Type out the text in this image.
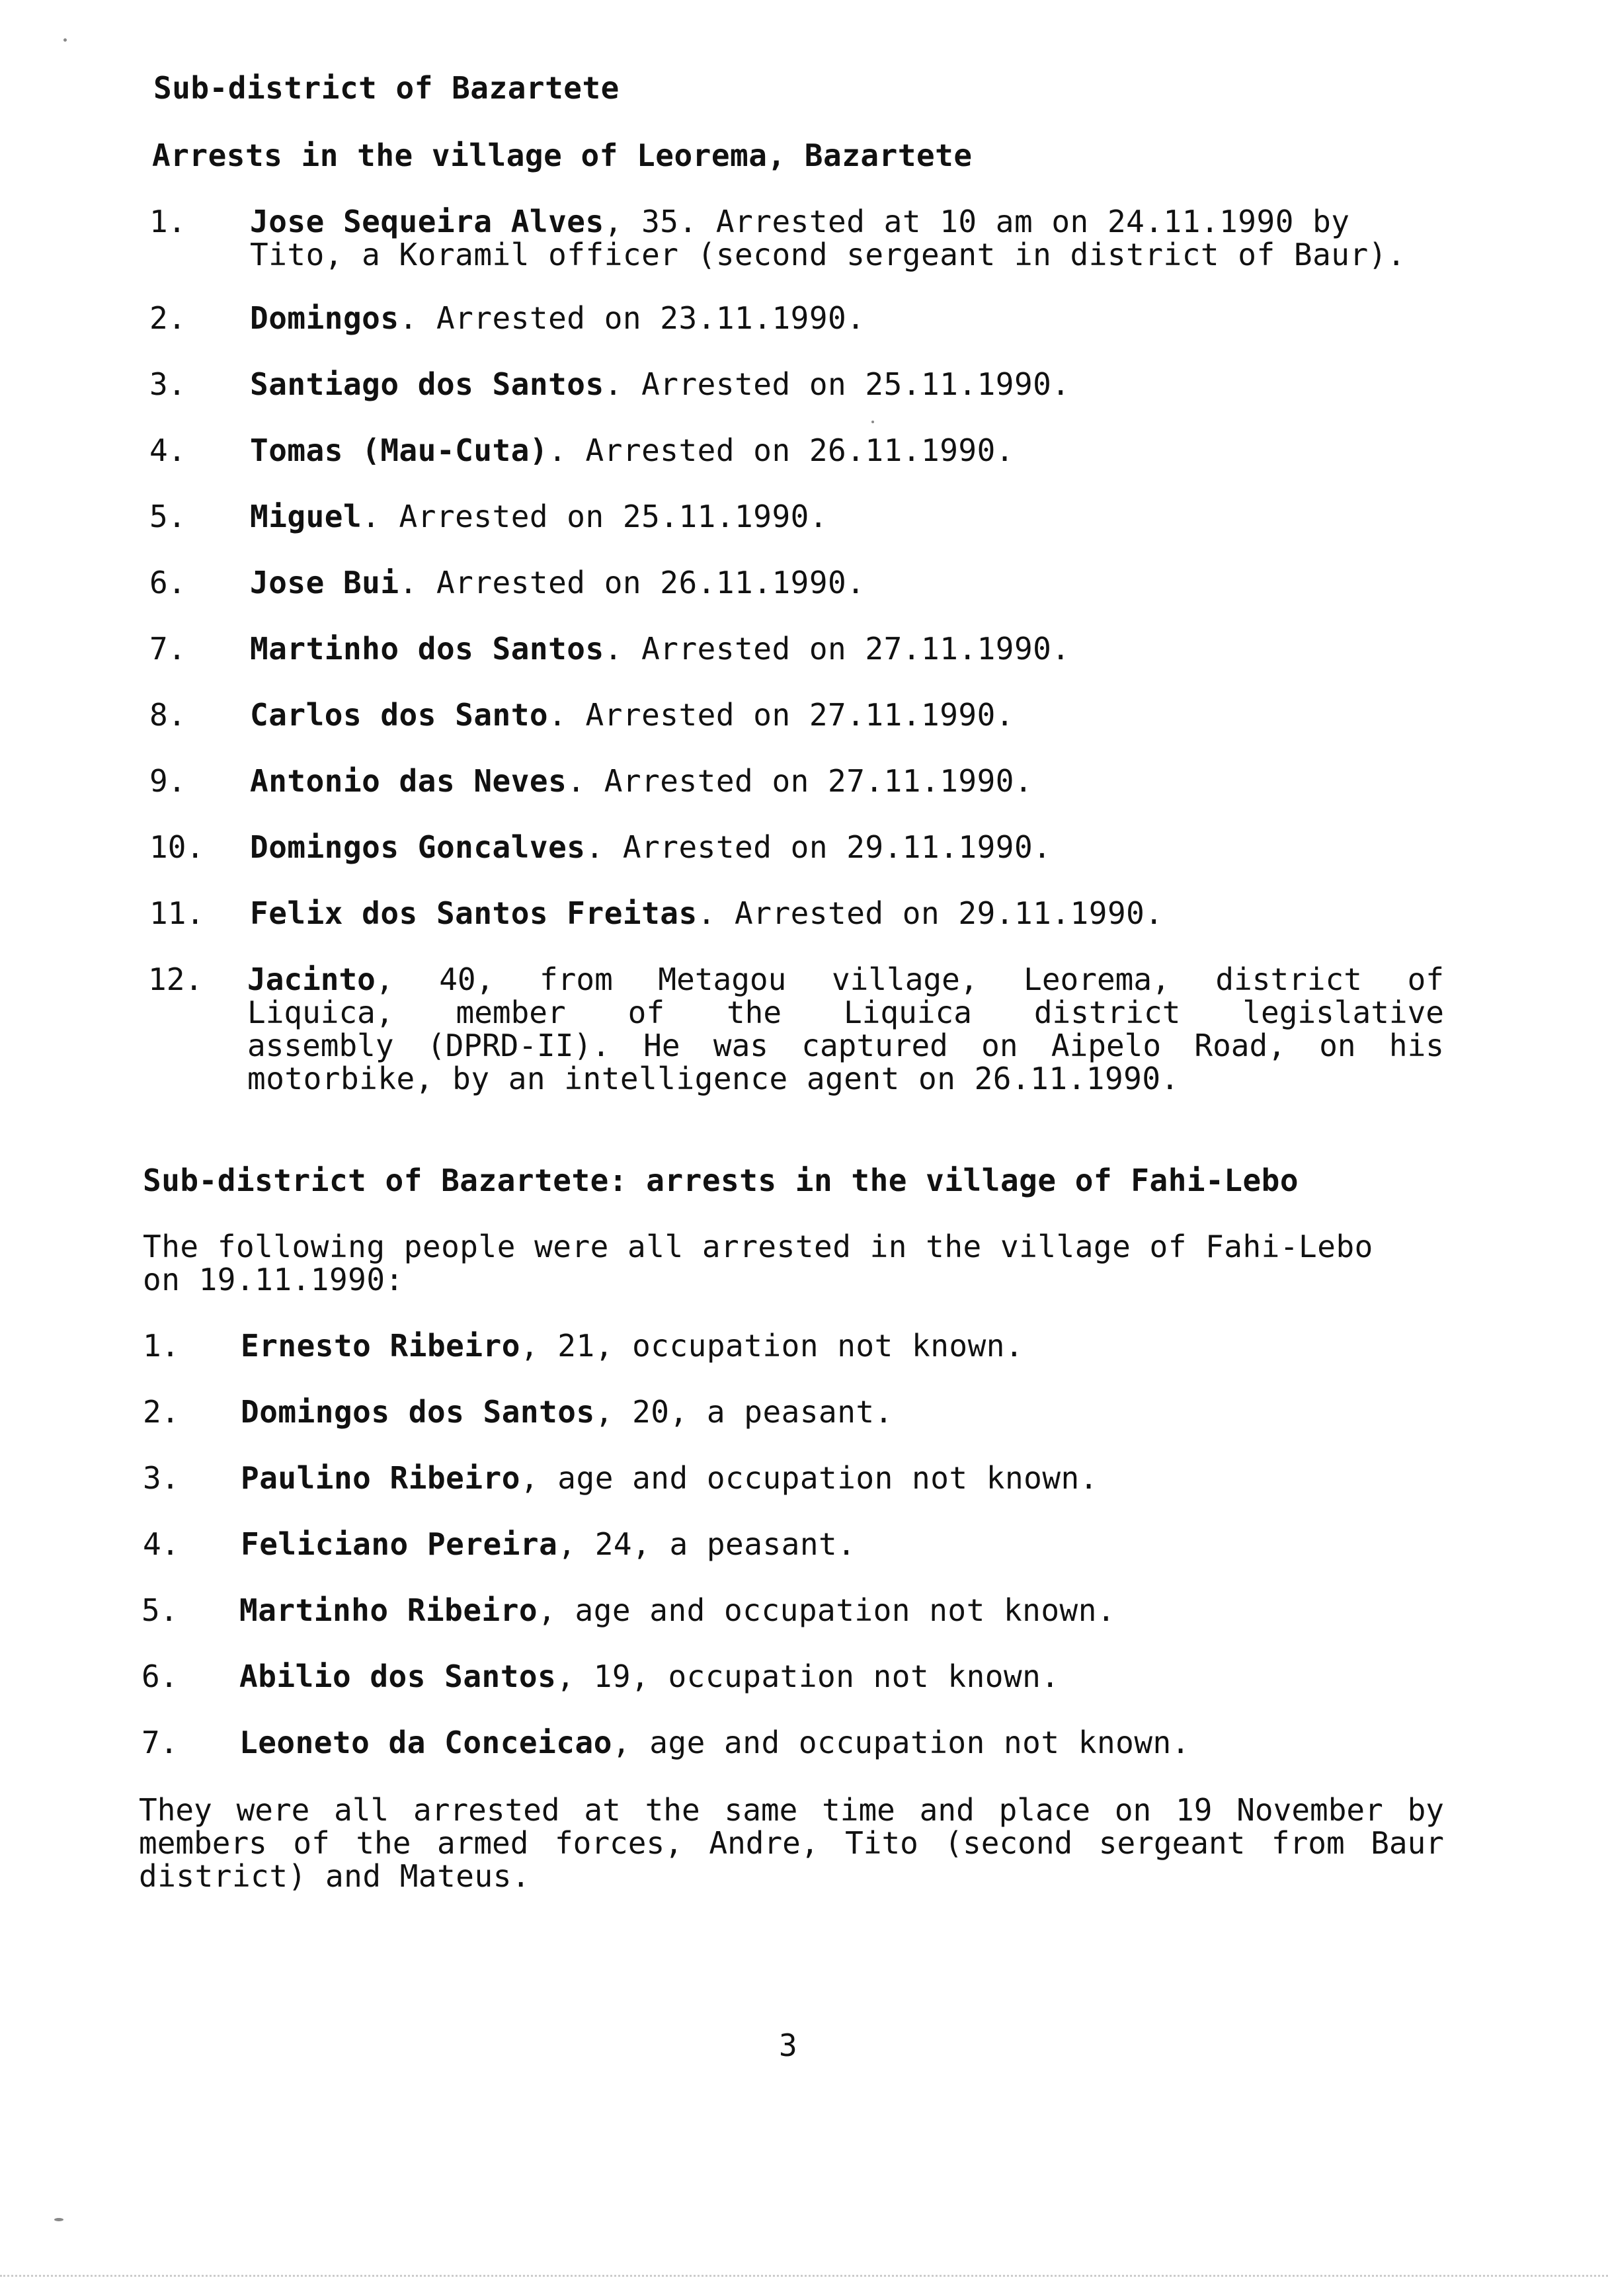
Sub-district of Bazartete
Arrests in the village of Leorema, Bazartete
1. Jose Sequeira Alves, 35. Arrested at 10 am on 24.11.1990 by
Tito, a Koramil officer (second sergeant in district of Baur).
2. Domingos. Arrested on 23.11.1990.
3. Santiago dos Santos. Arrested on 25.11.1990.
4. Tomas (Mau-Cuta). Arrested on 26.11.1990.
5. Miguel. Arrested on 25.11.1990.
6. Jose Bui. Arrested on 26.11.1990.
7. Martinho dos Santos. Arrested on 27.11.1990.
8. Carlos dos Santo. Arrested on 27.11.1990.
9. Antonio das Neves. Arrested on 27.11.1990.
10. Domingos Goncalves. Arrested on 29.11.1990.
11. Felix dos Santos Freitas. Arrested on 29.11.1990.
12. Jacinto, 40, from Metagou village, Leorema, district of
Liquica, member of the Liquica district legislative
assembly (DPRD-II). He was captured on Aipelo Road, on his
motorbike, by an intelligence agent on 26.11.1990.
Sub-district of Bazartete: arrests in the village of Fahi-Lebo
The following people were all arrested in the village of Fahi-Lebo
on 19.11.1990:
1. Ernesto Ribeiro, 21, occupation not known.
2. Domingos dos Santos, 20, a peasant.
3. Paulino Ribeiro, age and occupation not known.
4. Feliciano Pereira, 24, a peasant.
5. Martinho Ribeiro, age and occupation not known.
6. Abilio dos Santos, 19, occupation not known.
7. Leoneto da Conceicao, age and occupation not known.
They were all arrested at the same time and place on 19 November by
members of the armed forces, Andre, Tito (second sergeant from Baur
district) and Mateus.
3
